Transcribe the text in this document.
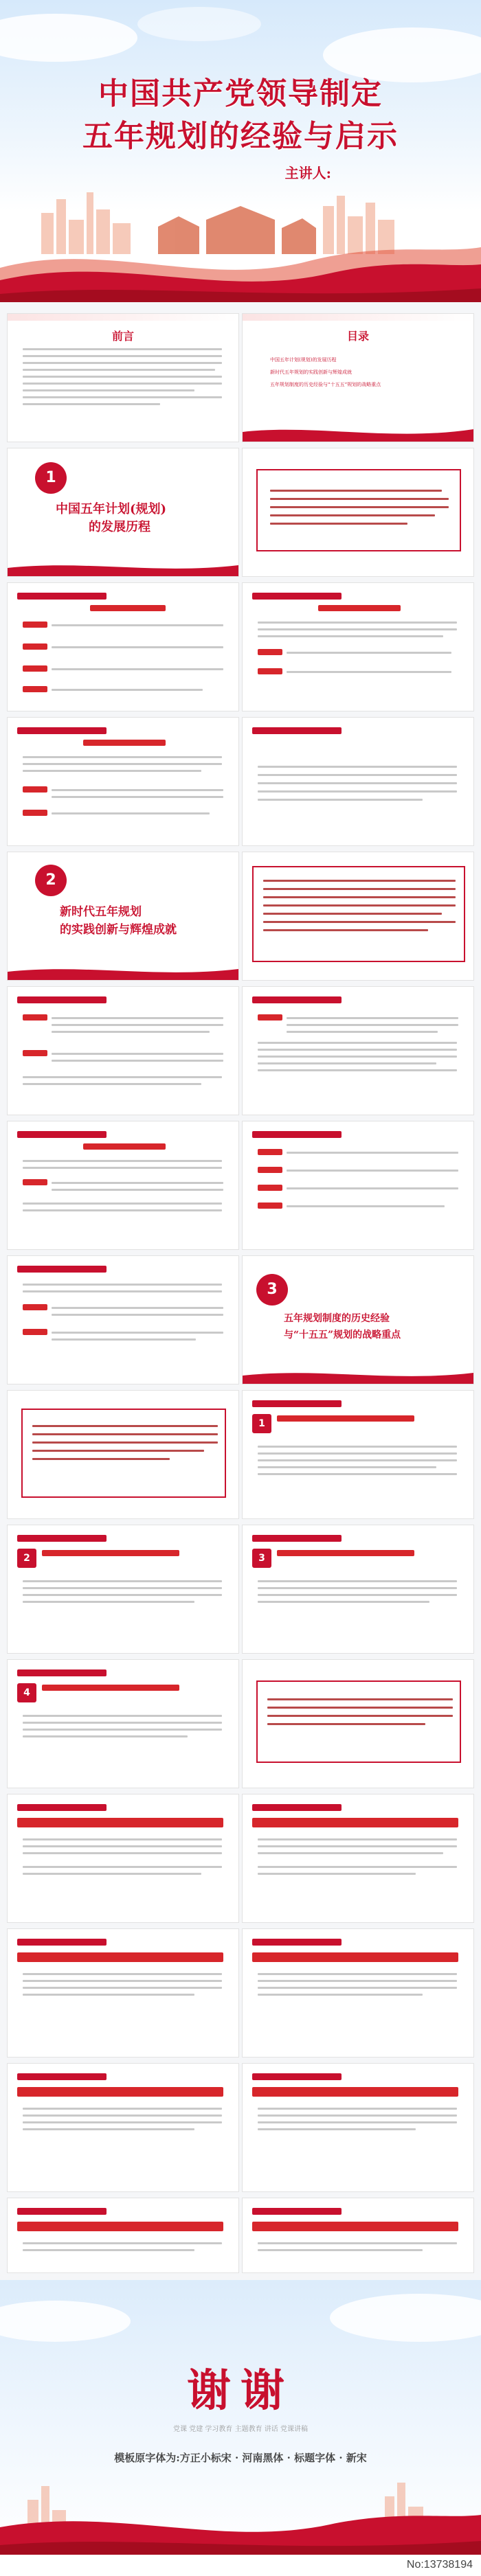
中国共产党领导制定
五年规划的经验与启示
主讲人:
前言	目录
中国五年计划(规划)的发展历程
新时代五年规划的实践创新与辉煌成就
五年规划制度的历史经验与“十五五”规划的战略重点
1
中国五年计划(规划)
的发展历程
2
新时代五年规划
的实践创新与辉煌成就
3
五年规划制度的历史经验
与“十五五”规划的战略重点
1
2	3
4
谢谢
党课 党建 学习教育 主题教育 讲话 党课讲稿
模板原字体为:方正小标宋 · 河南黑体 · 标题字体 · 新宋
No:13738194
